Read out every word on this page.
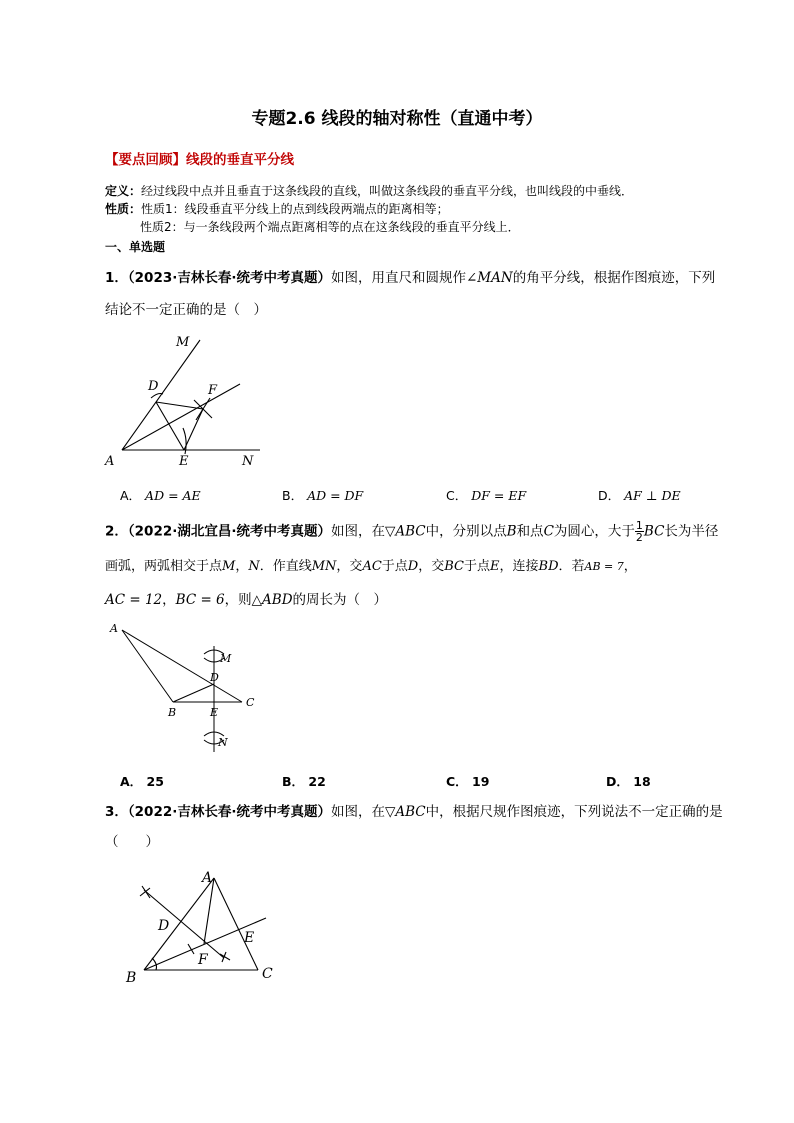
专题2.6 线段的轴对称性（直通中考）
【要点回顾】线段的垂直平分线
定义：经过线段中点并且垂直于这条线段的直线，叫做这条线段的垂直平分线，也叫线段的中垂线．
性质：性质1：线段垂直平分线上的点到线段两端点的距离相等；
性质2：与一条线段两个端点距离相等的点在这条线段的垂直平分线上．
一、单选题
1．（2023·吉林长春·统考中考真题）如图，用直尺和圆规作∠MAN的角平分线，根据作图痕迹，下列
结论不一定正确的是（　）
M
D	F
A	E	N
A． AD = AE	B． AD = DF	C． DF = EF	D． AF ⊥ DE
2．（2022·湖北宜昌·统考中考真题）如图，在▽ABC中，分别以点B和点C为圆心，大于 $\frac{1}{2}$ BC长为半径
画弧，两弧相交于点M，N．作直线MN，交AC于点D，交BC于点E，连接BD．若AB = 7，
AC = 12，BC = 6，则△ABD的周长为（　）
A
M
D
C
B	E
N
A． 25	B． 22	C． 19	D． 18
3．（2022·吉林长春·统考中考真题）如图，在▽ABC中，根据尺规作图痕迹，下列说法不一定正确的是
（　　）
A
D
E
F
B	C
